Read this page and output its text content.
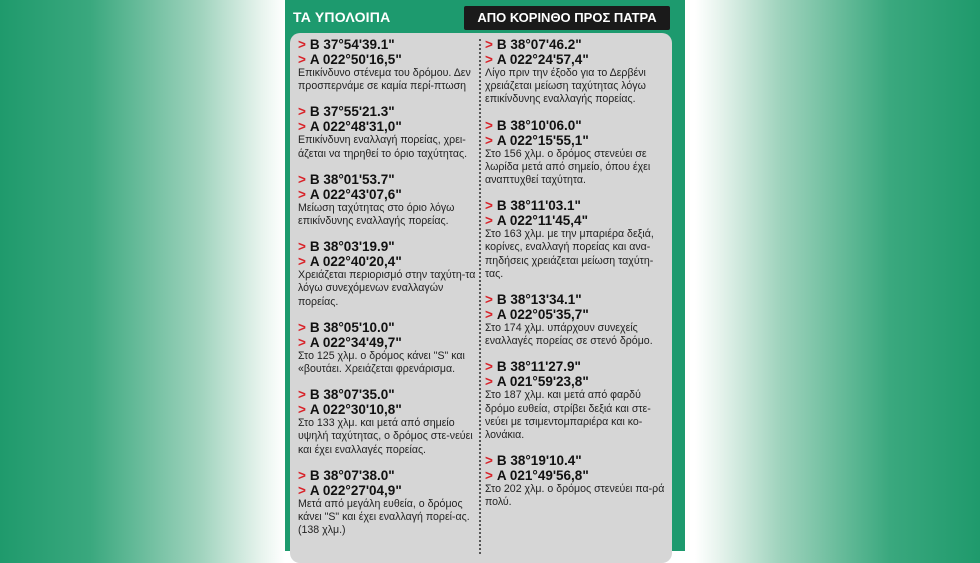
ΤΑ ΥΠΟΛΟΙΠΑ	ΑΠΟ ΚΟΡΙΝΘΟ ΠΡΟΣ ΠΑΤΡΑ
> B 37°54'39.1"
> A 022°50'16,5"
Επικίνδυνο στένεμα του δρόμου. Δεν προσπερνάμε σε καμία περί-πτωση
> B 37°55'21.3"
> A 022°48'31,0"
Επικίνδυνη εναλλαγή πορείας, χρει-άζεται να τηρηθεί το όριο ταχύτητας.
> B 38°01'53.7"
> A 022°43'07,6"
Μείωση ταχύτητας στο όριο λόγω επικίνδυνης εναλλαγής πορείας.
> B 38°03'19.9"
> A 022°40'20,4"
Χρειάζεται περιορισμό στην ταχύτη-τα λόγω συνεχόμενων εναλλαγών πορείας.
> B 38°05'10.0"
> A 022°34'49,7"
Στο 125 χλμ. ο δρόμος κάνει "S" και «βουτάει. Χρειάζεται φρενάρισμα.
> B 38°07'35.0"
> A 022°30'10,8"
Στο 133 χλμ. και μετά από σημείο υψηλή ταχύτητας, ο δρόμος στε-νεύει και έχει εναλλαγές πορείας.
> B 38°07'38.0"
> A 022°27'04,9"
Μετά από μεγάλη ευθεία, ο δρόμος κάνει "S" και έχει εναλλαγή πορεί-ας. (138 χλμ.)
> B 38°07'46.2"
> A 022°24'57,4"
Λίγο πριν την έξοδο για το Δερβένι χρειάζεται μείωση ταχύτητας λόγω επικίνδυνης εναλλαγής πορείας.
> B 38°10'06.0"
> A 022°15'55,1"
Στο 156 χλμ. ο δρόμος στενεύει σε λωρίδα μετά από σημείο, όπου έχει αναπτυχθεί ταχύτητα.
> B 38°11'03.1"
> A 022°11'45,4"
Στο 163 χλμ. με την μπαριέρα δεξιά, κορίνες, εναλλαγή πορείας και ανα-πηδήσεις χρειάζεται μείωση ταχύτη-τας.
> B 38°13'34.1"
> A 022°05'35,7"
Στο 174 χλμ. υπάρχουν συνεχείς εναλλαγές πορείας σε στενό δρόμο.
> B 38°11'27.9"
> A 021°59'23,8"
Στο 187 χλμ. και μετά από φαρδύ δρόμο ευθεία, στρίβει δεξιά και στε-νεύει με τσιμεντομπαριέρα και κο-λονάκια.
> B 38°19'10.4"
> A 021°49'56,8"
Στο 202 χλμ. ο δρόμος στενεύει πα-ρά πολύ.
